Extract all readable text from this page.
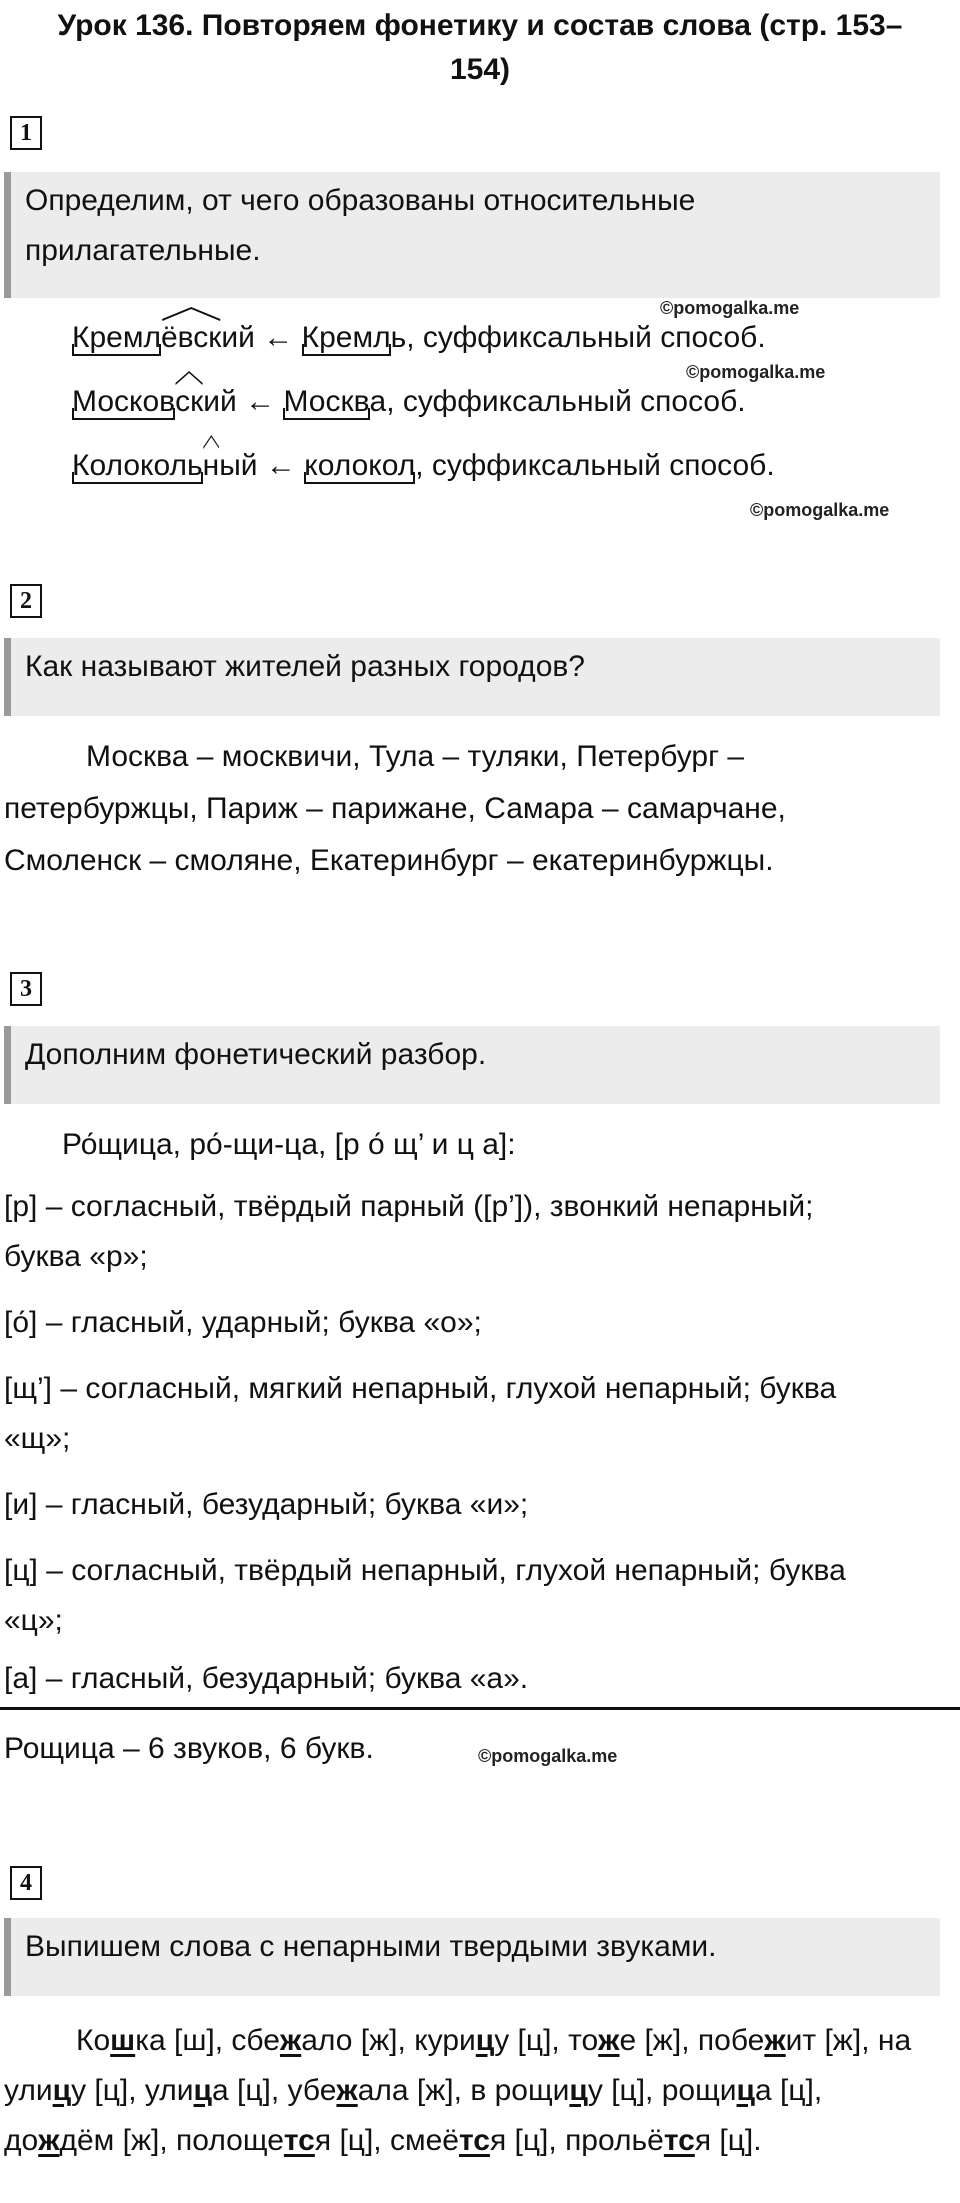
Урок 136. Повторяем фонетику и состав слова (стр. 153–
154)
1
Определим, от чего образованы относительные прилагательные.
©pomogalka.me
Кремл
ёвский ← Кремль, суффиксальный способ.
©pomogalka.me
Москов
ский ← Москва, суффиксальный способ.
Колоколь
ный ← колокол, суффиксальный способ.
©pomogalka.me
2
Как называют жителей разных городов?
Москва – москвичи, Тула – туляки, Петербург –
петербуржцы, Париж – парижане, Самара – самарчане,
Смоленск – смоляне, Екатеринбург – екатеринбуржцы.
3
Дополним фонетический разбор.
Ро́щица, ро́-щи-ца, [р о́ щ’ и ц а]:
[р] – согласный, твёрдый парный ([р’]), звонкий непарный;
буква «р»;
[о́] – гласный, ударный; буква «о»;
[щ’] – согласный, мягкий непарный, глухой непарный; буква
«щ»;
[и] – гласный, безударный; буква «и»;
[ц] – согласный, твёрдый непарный, глухой непарный; буква
«ц»;
[а] – гласный, безударный; буква «а».
Рощица – 6 звуков, 6 букв.	©pomogalka.me
4
Выпишем слова с непарными твердыми звуками.
Кошка [ш], сбежало [ж], курицу [ц], тоже [ж], побежит [ж], на улицу [ц], улица [ц], убежала [ж], в рощицу [ц], рощица [ц], дождём [ж], полощется [ц], смеётся [ц], прольётся [ц].
